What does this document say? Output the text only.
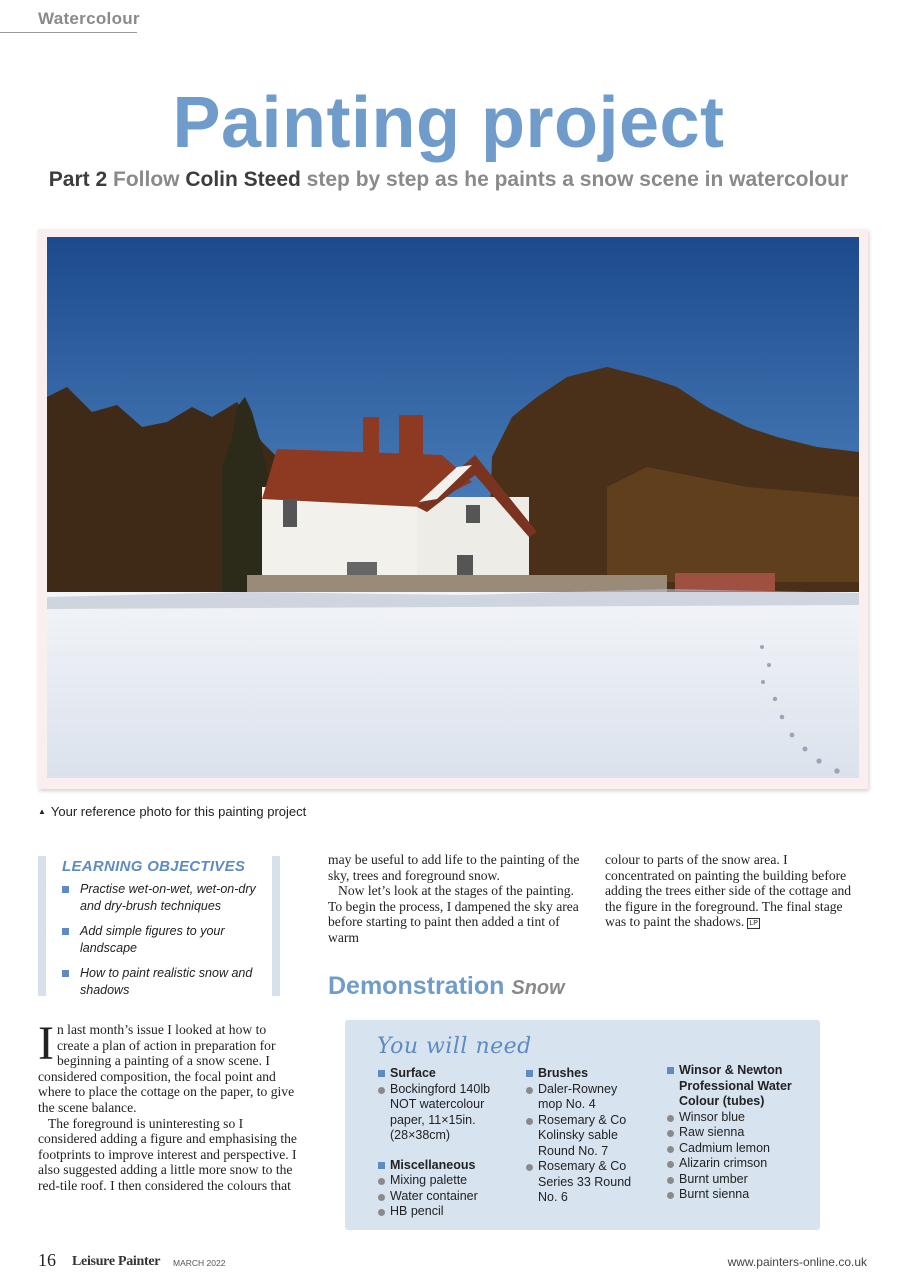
Watercolour
Painting project
Part 2 Follow Colin Steed step by step as he paints a snow scene in watercolour
▲ Your reference photo for this painting project
LEARNING OBJECTIVES
Practise wet-on-wet, wet-on-dry and dry-brush techniques
Add simple figures to your landscape
How to paint realistic snow and shadows

In last month’s issue I looked at how to create a plan of action in preparation for beginning a painting of a snow scene. I considered composition, the focal point and where to place the cottage on the paper, to give the scene balance.

The foreground is uninteresting so I considered adding a figure and emphasising the footprints to improve interest and perspective. I also suggested adding a little more snow to the red-tile roof. I then considered the colours that

may be useful to add life to the painting of the sky, trees and foreground snow.

Now let’s look at the stages of the painting. To begin the process, I dampened the sky area before starting to paint then added a tint of warm

colour to parts of the snow area. I concentrated on painting the building before adding the trees either side of the cottage and the figure in the foreground. The final stage was to paint the shadows. LP

Demonstration Snow
You will need
Surface
Bockingford 140lb NOT watercolour paper, 11×15in. (28×38cm)
Miscellaneous
Mixing palette
Water container
HB pencil
Brushes
Daler-Rowney mop No. 4
Rosemary & Co Kolinsky sable Round No. 7
Rosemary & Co Series 33 Round No. 6
Winsor & Newton Professional Water Colour (tubes)
Winsor blue
Raw sienna
Cadmium lemon
Alizarin crimson
Burnt umber
Burnt sienna
16 Leisure Painter MARCH 2022	www.painters-online.co.uk
